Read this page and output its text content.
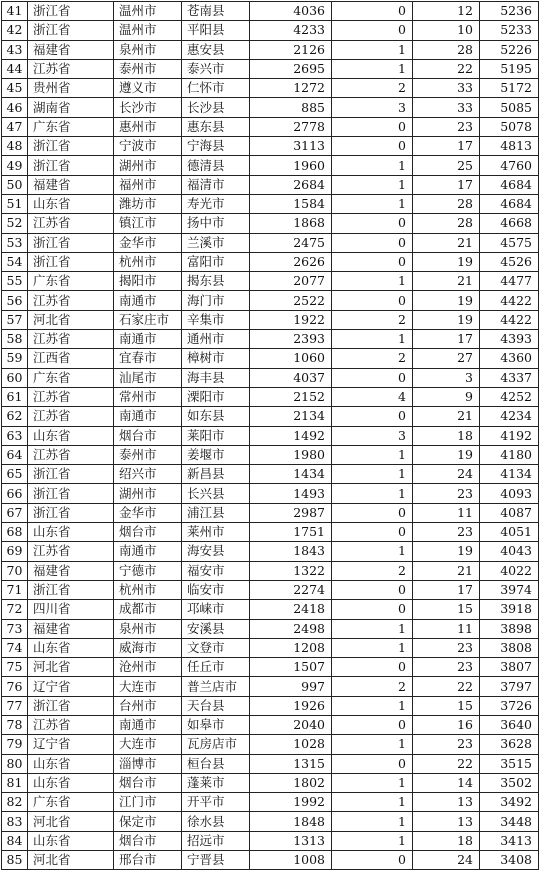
41	浙江省	温州市	苍南县	4036	0	12	5236
42	浙江省	温州市	平阳县	4233	0	10	5233
43	福建省	泉州市	惠安县	2126	1	28	5226
44	江苏省	泰州市	泰兴市	2695	1	22	5195
45	贵州省	遵义市	仁怀市	1272	2	33	5172
46	湖南省	长沙市	长沙县	885	3	33	5085
47	广东省	惠州市	惠东县	2778	0	23	5078
48	浙江省	宁波市	宁海县	3113	0	17	4813
49	浙江省	湖州市	德清县	1960	1	25	4760
50	福建省	福州市	福清市	2684	1	17	4684
51	山东省	潍坊市	寿光市	1584	1	28	4684
52	江苏省	镇江市	扬中市	1868	0	28	4668
53	浙江省	金华市	兰溪市	2475	0	21	4575
54	浙江省	杭州市	富阳市	2626	0	19	4526
55	广东省	揭阳市	揭东县	2077	1	21	4477
56	江苏省	南通市	海门市	2522	0	19	4422
57	河北省	石家庄市	辛集市	1922	2	19	4422
58	江苏省	南通市	通州市	2393	1	17	4393
59	江西省	宜春市	樟树市	1060	2	27	4360
60	广东省	汕尾市	海丰县	4037	0	3	4337
61	江苏省	常州市	溧阳市	2152	4	9	4252
62	江苏省	南通市	如东县	2134	0	21	4234
63	山东省	烟台市	莱阳市	1492	3	18	4192
64	江苏省	泰州市	姜堰市	1980	1	19	4180
65	浙江省	绍兴市	新昌县	1434	1	24	4134
66	浙江省	湖州市	长兴县	1493	1	23	4093
67	浙江省	金华市	浦江县	2987	0	11	4087
68	山东省	烟台市	莱州市	1751	0	23	4051
69	江苏省	南通市	海安县	1843	1	19	4043
70	福建省	宁德市	福安市	1322	2	21	4022
71	浙江省	杭州市	临安市	2274	0	17	3974
72	四川省	成都市	邛崃市	2418	0	15	3918
73	福建省	泉州市	安溪县	2498	1	11	3898
74	山东省	威海市	文登市	1208	1	23	3808
75	河北省	沧州市	任丘市	1507	0	23	3807
76	辽宁省	大连市	普兰店市	997	2	22	3797
77	浙江省	台州市	天台县	1926	1	15	3726
78	江苏省	南通市	如皋市	2040	0	16	3640
79	辽宁省	大连市	瓦房店市	1028	1	23	3628
80	山东省	淄博市	桓台县	1315	0	22	3515
81	山东省	烟台市	蓬莱市	1802	1	14	3502
82	广东省	江门市	开平市	1992	1	13	3492
83	河北省	保定市	徐水县	1848	1	13	3448
84	山东省	烟台市	招远市	1313	1	18	3413
85	河北省	邢台市	宁晋县	1008	0	24	3408
